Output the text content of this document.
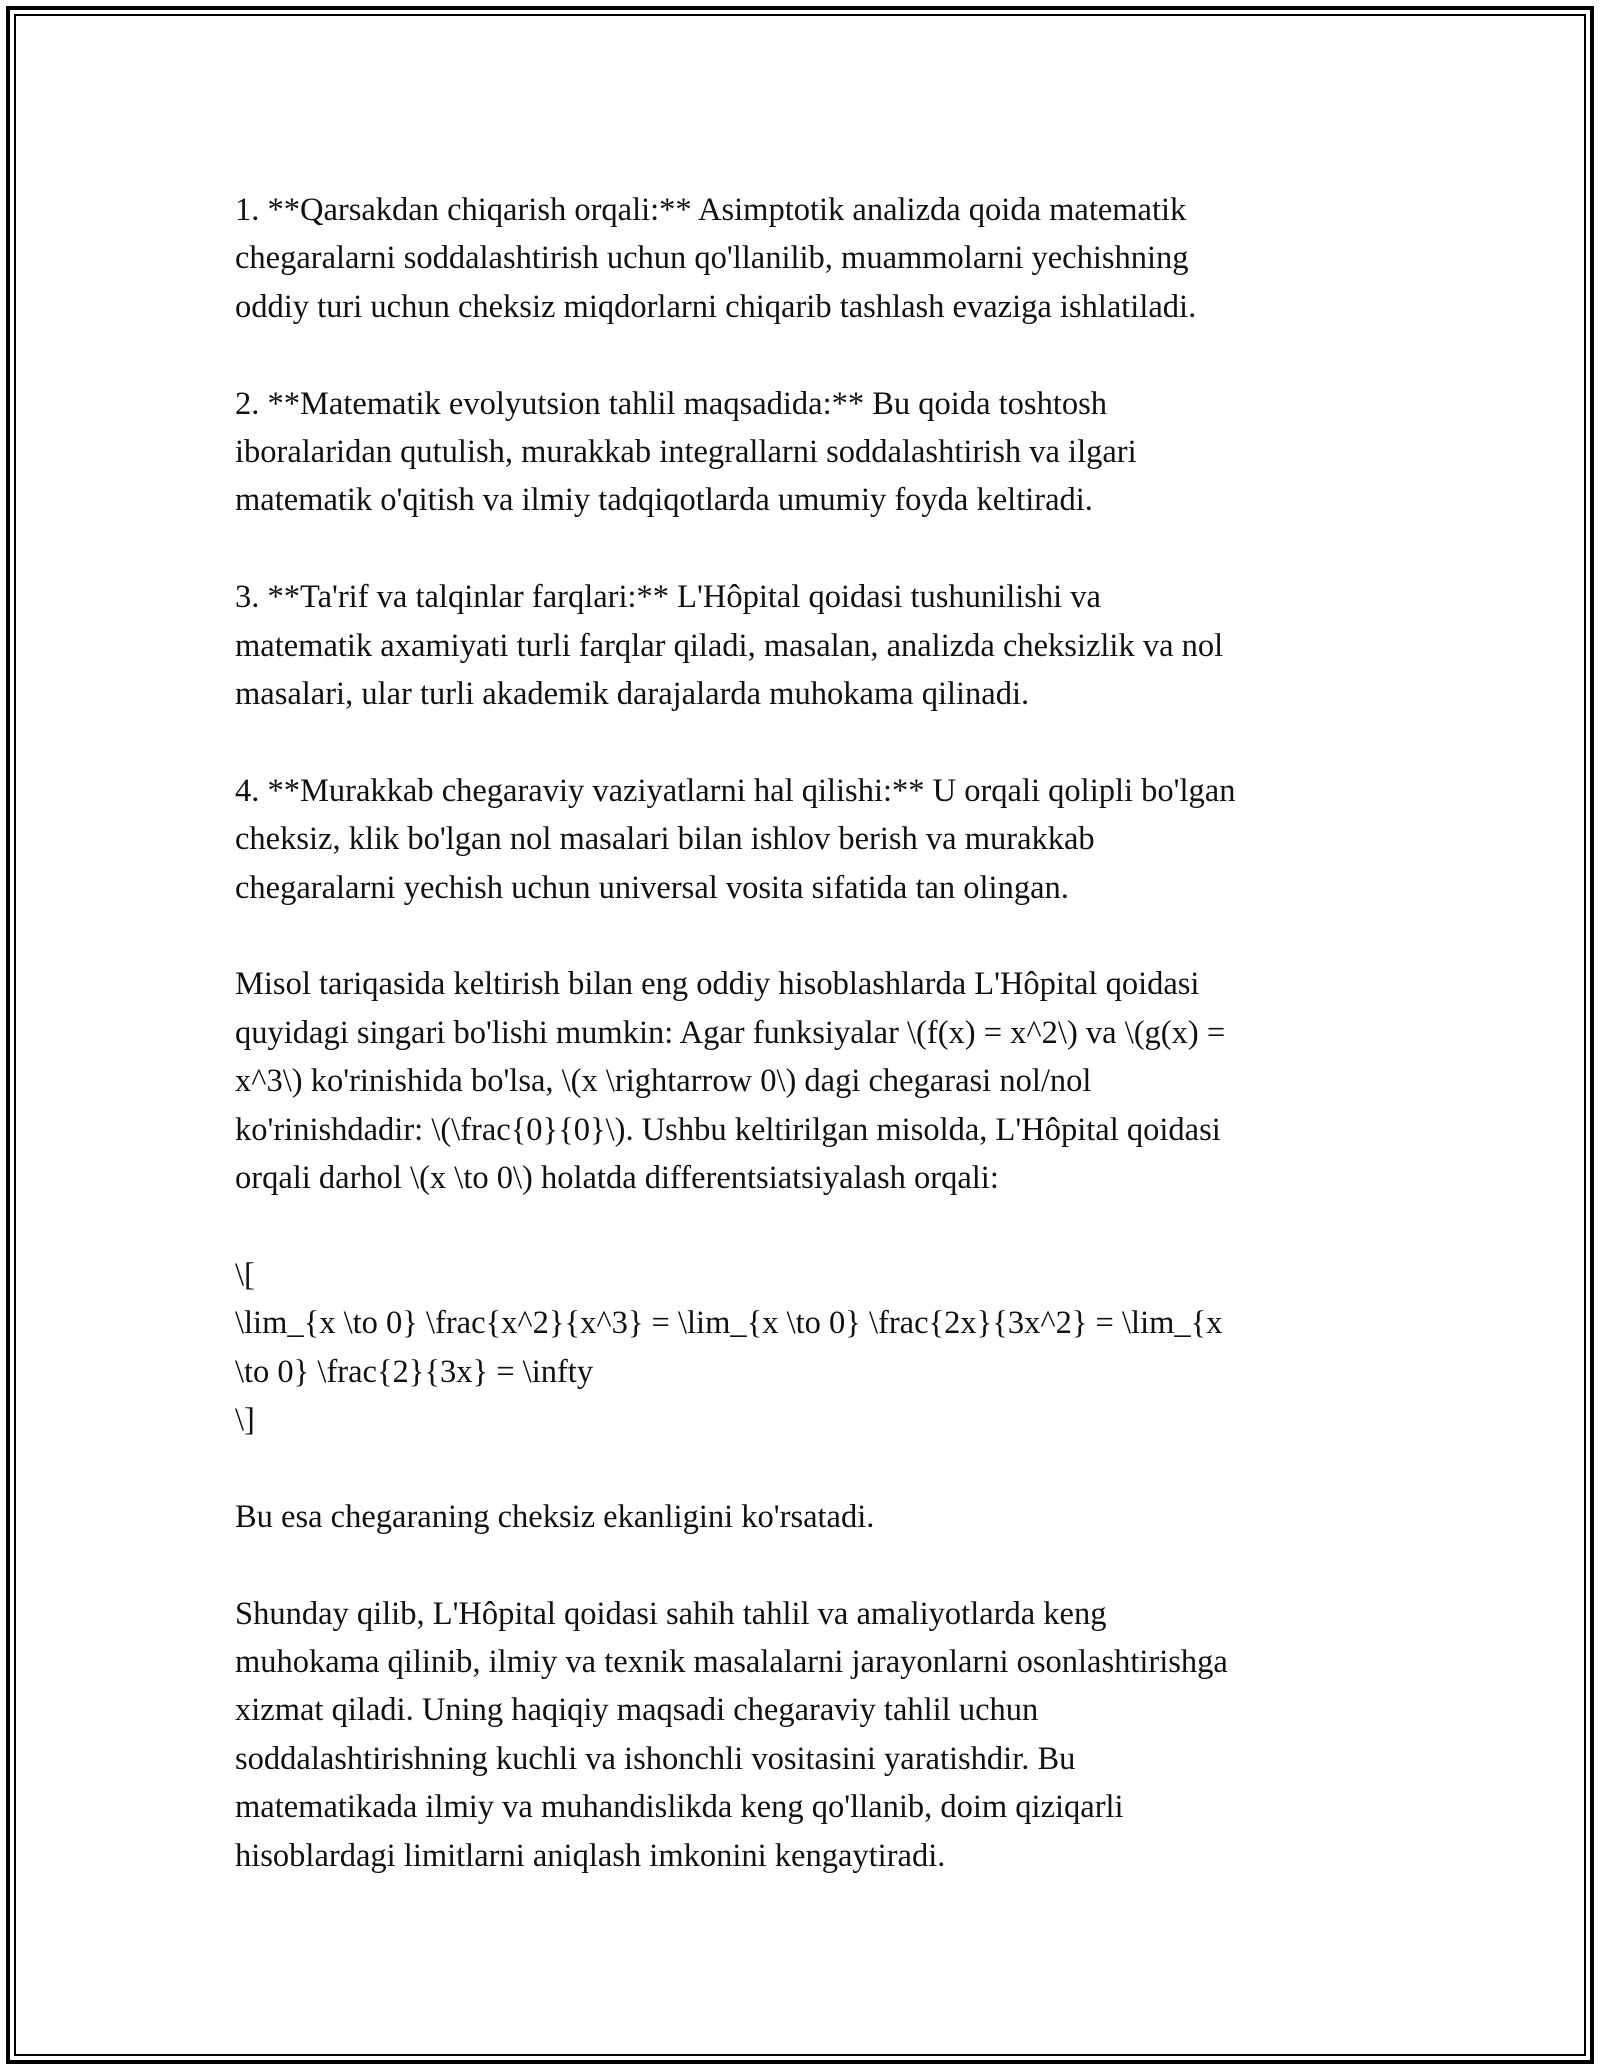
1. **Qarsakdan chiqarish orqali:** Asimptotik analizda qoida matematik
chegaralarni soddalashtirish uchun qo'llanilib, muammolarni yechishning
oddiy turi uchun cheksiz miqdorlarni chiqarib tashlash evaziga ishlatiladi.

2. **Matematik evolyutsion tahlil maqsadida:** Bu qoida toshtosh
iboralaridan qutulish, murakkab integrallarni soddalashtirish va ilgari
matematik o'qitish va ilmiy tadqiqotlarda umumiy foyda keltiradi.

3. **Ta'rif va talqinlar farqlari:** L'Hôpital qoidasi tushunilishi va
matematik axamiyati turli farqlar qiladi, masalan, analizda cheksizlik va nol
masalari, ular turli akademik darajalarda muhokama qilinadi.

4. **Murakkab chegaraviy vaziyatlarni hal qilishi:** U orqali qolipli bo'lgan
cheksiz, klik bo'lgan nol masalari bilan ishlov berish va murakkab
chegaralarni yechish uchun universal vosita sifatida tan olingan.

Misol tariqasida keltirish bilan eng oddiy hisoblashlarda L'Hôpital qoidasi
quyidagi singari bo'lishi mumkin: Agar funksiyalar \(f(x) = x^2\) va \(g(x) =
x^3\) ko'rinishida bo'lsa, \(x \rightarrow 0\) dagi chegarasi nol/nol
ko'rinishdadir: \(\frac{0}{0}\). Ushbu keltirilgan misolda, L'Hôpital qoidasi
orqali darhol \(x \to 0\) holatda differentsiatsiyalash orqali:

\[
\lim_{x \to 0} \frac{x^2}{x^3} = \lim_{x \to 0} \frac{2x}{3x^2} = \lim_{x
\to 0} \frac{2}{3x} = \infty
\]

Bu esa chegaraning cheksiz ekanligini ko'rsatadi.

Shunday qilib, L'Hôpital qoidasi sahih tahlil va amaliyotlarda keng
muhokama qilinib, ilmiy va texnik masalalarni jarayonlarni osonlashtirishga
xizmat qiladi. Uning haqiqiy maqsadi chegaraviy tahlil uchun
soddalashtirishning kuchli va ishonchli vositasini yaratishdir. Bu
matematikada ilmiy va muhandislikda keng qo'llanib, doim qiziqarli
hisoblardagi limitlarni aniqlash imkonini kengaytiradi.
